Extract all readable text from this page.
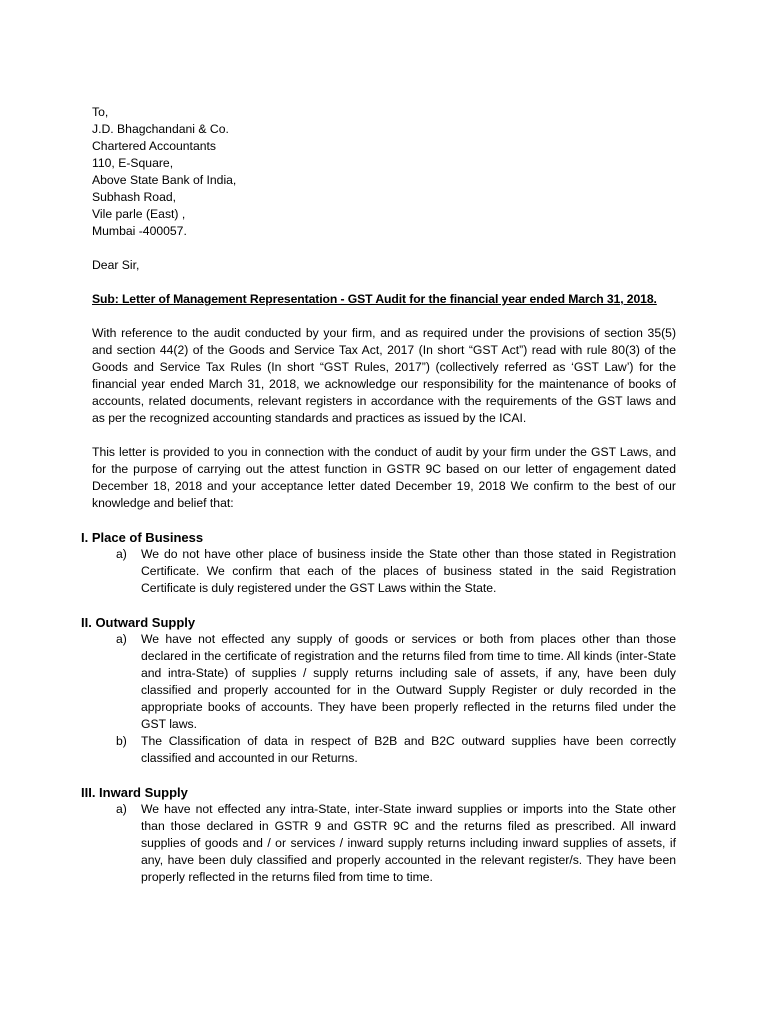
To,
J.D. Bhagchandani & Co.
Chartered Accountants
110, E-Square,
Above State Bank of India,
Subhash Road,
Vile parle (East) ,
Mumbai -400057.
Dear Sir,
Sub: Letter of Management Representation - GST Audit for the financial year ended March 31, 2018.
With reference to the audit conducted by your firm, and as required under the provisions of section 35(5) and section 44(2) of the Goods and Service Tax Act, 2017 (In short “GST Act”) read with rule 80(3) of the Goods and Service Tax Rules (In short “GST Rules, 2017”) (collectively referred as ‘GST Law’) for the financial year ended March 31, 2018, we acknowledge our responsibility for the maintenance of books of accounts, related documents, relevant registers in accordance with the requirements of the GST laws and as per the recognized accounting standards and practices as issued by the ICAI.
This letter is provided to you in connection with the conduct of audit by your firm under the GST Laws, and for the purpose of carrying out the attest function in GSTR 9C based on our letter of engagement dated December 18, 2018 and your acceptance letter dated December 19, 2018 We confirm to the best of our knowledge and belief that:
I. Place of Business
a)	We do not have other place of business inside the State other than those stated in Registration Certificate. We confirm that each of the places of business stated in the said Registration Certificate is duly registered under the GST Laws within the State.
II. Outward Supply
a)	We have not effected any supply of goods or services or both from places other than those declared in the certificate of registration and the returns filed from time to time. All kinds (inter-State and intra-State) of supplies / supply returns including sale of assets, if any, have been duly classified and properly accounted for in the Outward Supply Register or duly recorded in the appropriate books of accounts. They have been properly reflected in the returns filed under the GST laws.
b)	The Classification of data in respect of B2B and B2C outward supplies have been correctly classified and accounted in our Returns.
III. Inward Supply
a)	We have not effected any intra-State, inter-State inward supplies or imports into the State other than those declared in GSTR 9 and GSTR 9C and the returns filed as prescribed. All inward supplies of goods and / or services / inward supply returns including inward supplies of assets, if any, have been duly classified and properly accounted in the relevant register/s. They have been properly reflected in the returns filed from time to time.
